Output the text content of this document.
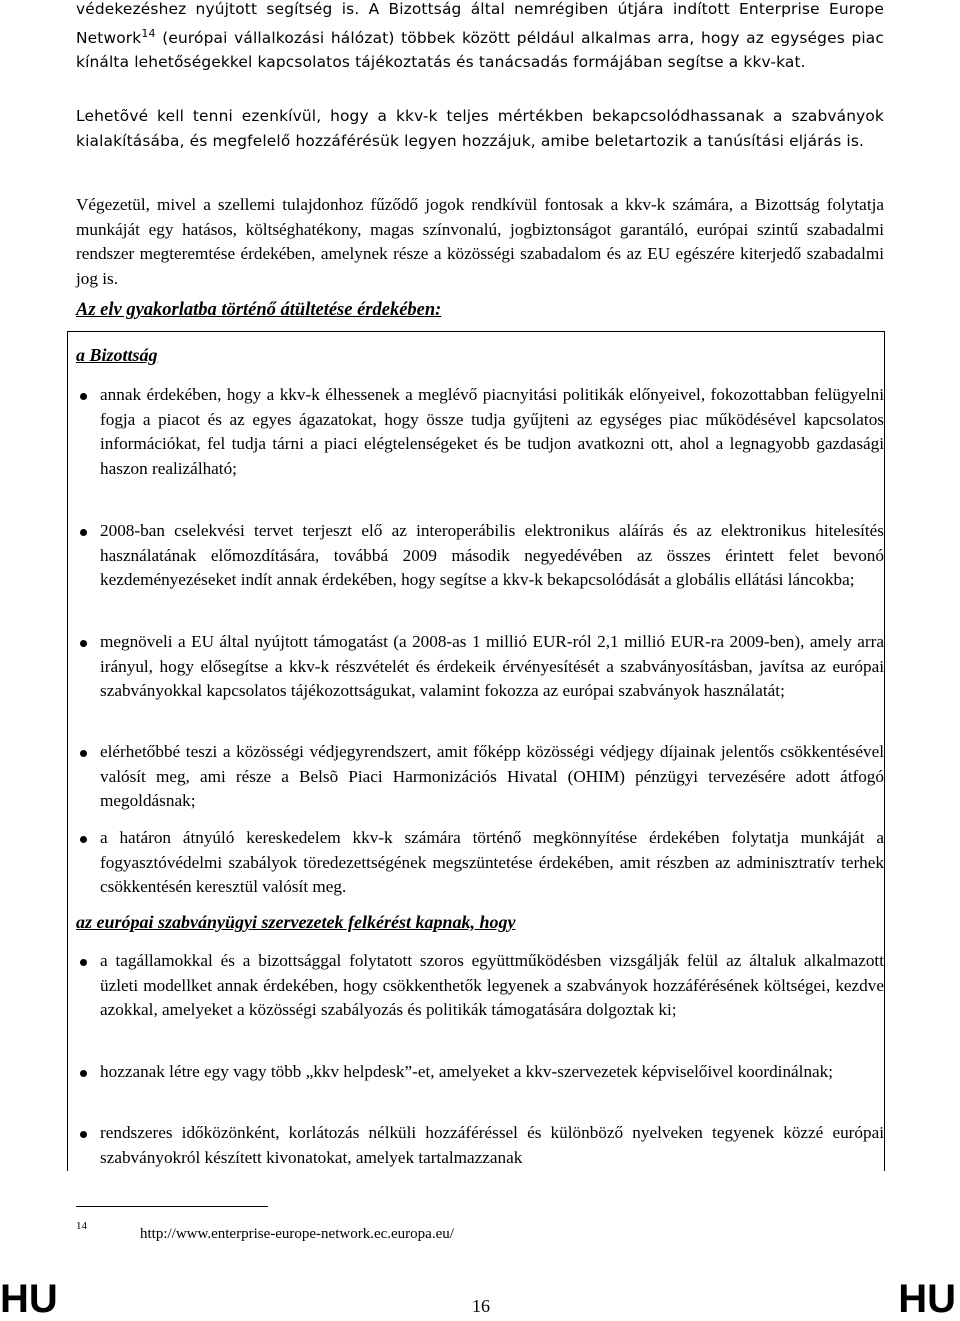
védekezéshez nyújtott segítség is. A Bizottság által nemrégiben útjára indított Enterprise Europe Network$^{14}$ (európai vállalkozási hálózat) többek között például alkalmas arra, hogy az egységes piac kínálta lehetőségekkel kapcsolatos tájékoztatás és tanácsadás formájában segítse a kkv-kat.

Lehetõvé kell tenni ezenkívül, hogy a kkv-k teljes mértékben bekapcsolódhassanak a szabványok kialakításába, és megfelelő hozzáférésük legyen hozzájuk, amibe beletartozik a tanúsítási eljárás is.

Végezetül, mivel a szellemi tulajdonhoz fűződő jogok rendkívül fontosak a kkv-k számára, a Bizottság folytatja munkáját egy hatásos, költséghatékony, magas színvonalú, jogbiztonságot garantáló, európai szintű szabadalmi rendszer megteremtése érdekében, amelynek része a közösségi szabadalom és az EU egészére kiterjedő szabadalmi jog is.

Az elv gyakorlatba történő átültetése érdekében:
a Bizottság

annak érdekében, hogy a kkv-k élhessenek a meglévő piacnyitási politikák előnyeivel, fokozottabban felügyelni fogja a piacot és az egyes ágazatokat, hogy össze tudja gyűjteni az egységes piac működésével kapcsolatos információkat, fel tudja tárni a piaci elégtelenségeket és be tudjon avatkozni ott, ahol a legnagyobb gazdasági haszon realizálható;

2008-ban cselekvési tervet terjeszt elő az interoperábilis elektronikus aláírás és az elektronikus hitelesítés használatának előmozdítására, továbbá 2009 második negyedévében az összes érintett felet bevonó kezdeményezéseket indít annak érdekében, hogy segítse a kkv-k bekapcsolódását a globális ellátási láncokba;

megnöveli a EU által nyújtott támogatást (a 2008-as 1 millió EUR-ról 2,1 millió EUR-ra 2009-ben), amely arra irányul, hogy elősegítse a kkv-k részvételét és érdekeik érvényesítését a szabványosításban, javítsa az európai szabványokkal kapcsolatos tájékozottságukat, valamint fokozza az európai szabványok használatát;

elérhetőbbé teszi a közösségi védjegyrendszert, amit főképp közösségi védjegy díjainak jelentős csökkentésével valósít meg, ami része a Belsõ Piaci Harmonizációs Hivatal (OHIM) pénzügyi tervezésére adott átfogó megoldásnak;

a határon átnyúló kereskedelem kkv-k számára történő megkönnyítése érdekében folytatja munkáját a fogyasztóvédelmi szabályok töredezettségének megszüntetése érdekében, amit részben az adminisztratív terhek csökkentésén keresztül valósít meg.

az európai szabványügyi szervezetek felkérést kapnak, hogy

a tagállamokkal és a bizottsággal folytatott szoros együttműködésben vizsgálják felül az általuk alkalmazott üzleti modellket annak érdekében, hogy csökkenthetők legyenek a szabványok hozzáférésének költségei, kezdve azokkal, amelyeket a közösségi szabályozás és politikák támogatására dolgoztak ki;

hozzanak létre egy vagy több „kkv helpdesk”-et, amelyeket a kkv-szervezetek képviselőivel koordinálnak;

rendszeres időközönként, korlátozás nélküli hozzáféréssel és különböző nyelveken tegyenek közzé európai szabványokról készített kivonatokat, amelyek tartalmazzanak

14	http://www.enterprise-europe-network.ec.europa.eu/
HU	16	HU
